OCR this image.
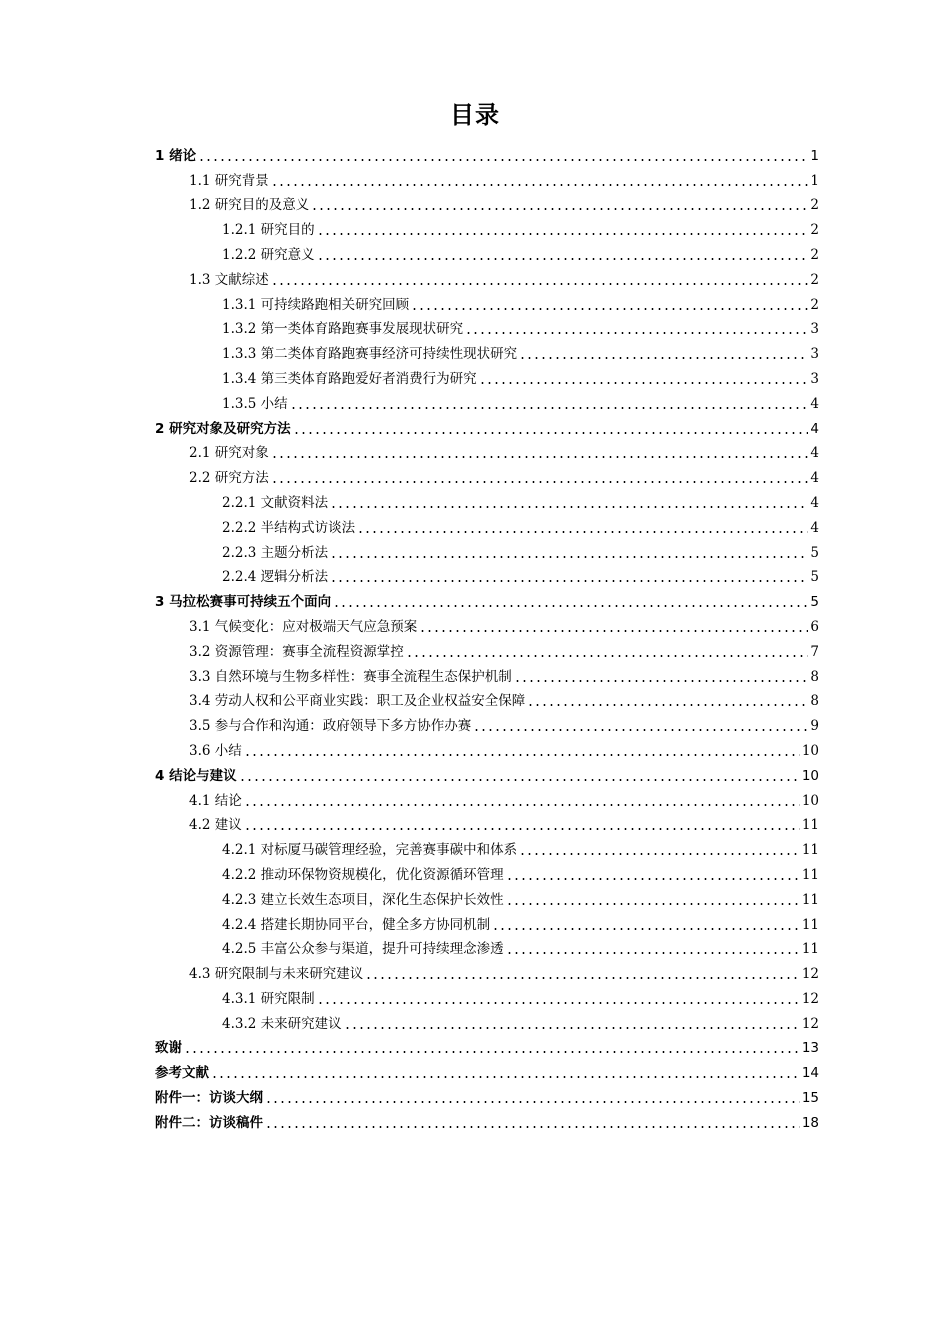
目录
1 绪论	1
1.1 研究背景	1
1.2 研究目的及意义	2
1.2.1 研究目的	2
1.2.2 研究意义	2
1.3 文献综述	2
1.3.1 可持续路跑相关研究回顾	2
1.3.2 第一类体育路跑赛事发展现状研究	3
1.3.3 第二类体育路跑赛事经济可持续性现状研究	3
1.3.4 第三类体育路跑爱好者消费行为研究	3
1.3.5 小结	4
2 研究对象及研究方法	4
2.1 研究对象	4
2.2 研究方法	4
2.2.1 文献资料法	4
2.2.2 半结构式访谈法	4
2.2.3 主题分析法	5
2.2.4 逻辑分析法	5
3 马拉松赛事可持续五个面向	5
3.1 气候变化：应对极端天气应急预案	6
3.2 资源管理：赛事全流程资源掌控	7
3.3 自然环境与生物多样性：赛事全流程生态保护机制	8
3.4 劳动人权和公平商业实践：职工及企业权益安全保障	8
3.5 参与合作和沟通：政府领导下多方协作办赛	9
3.6 小结	10
4 结论与建议	10
4.1 结论	10
4.2 建议	11
4.2.1 对标厦马碳管理经验，完善赛事碳中和体系	11
4.2.2 推动环保物资规模化，优化资源循环管理	11
4.2.3 建立长效生态项目，深化生态保护长效性	11
4.2.4 搭建长期协同平台，健全多方协同机制	11
4.2.5 丰富公众参与渠道，提升可持续理念渗透	11
4.3 研究限制与未来研究建议	12
4.3.1 研究限制	12
4.3.2 未来研究建议	12
致谢	13
参考文献	14
附件一：访谈大纲	15
附件二：访谈稿件	18
